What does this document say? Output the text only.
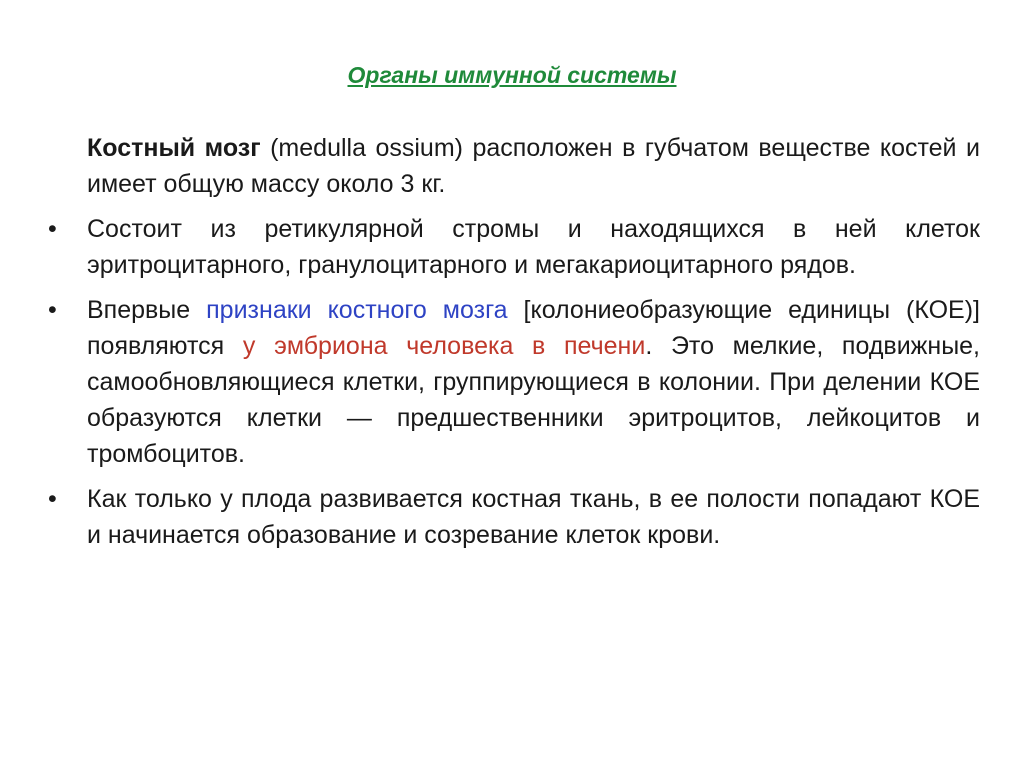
Органы иммунной системы

Костный мозг (medulla ossium) расположен в губчатом веществе костей и имеет общую массу около 3 кг.

•	Состоит из ретикулярной стромы и находящихся в ней клеток эритроцитарного, гранулоцитарного и мегакариоцитарного рядов.

•	Впервые признаки костного мозга [колониеобразующие единицы (КОЕ)] появляются у эмбриона человека в печени. Это мелкие, подвижные, самообновляющиеся клетки, группирующиеся в колонии. При делении КОЕ образуются клетки — предшественники эритроцитов, лейкоцитов и тромбоцитов.

•	Как только у плода развивается костная ткань, в ее полости попадают КОЕ и начинается образование и созревание клеток крови.
